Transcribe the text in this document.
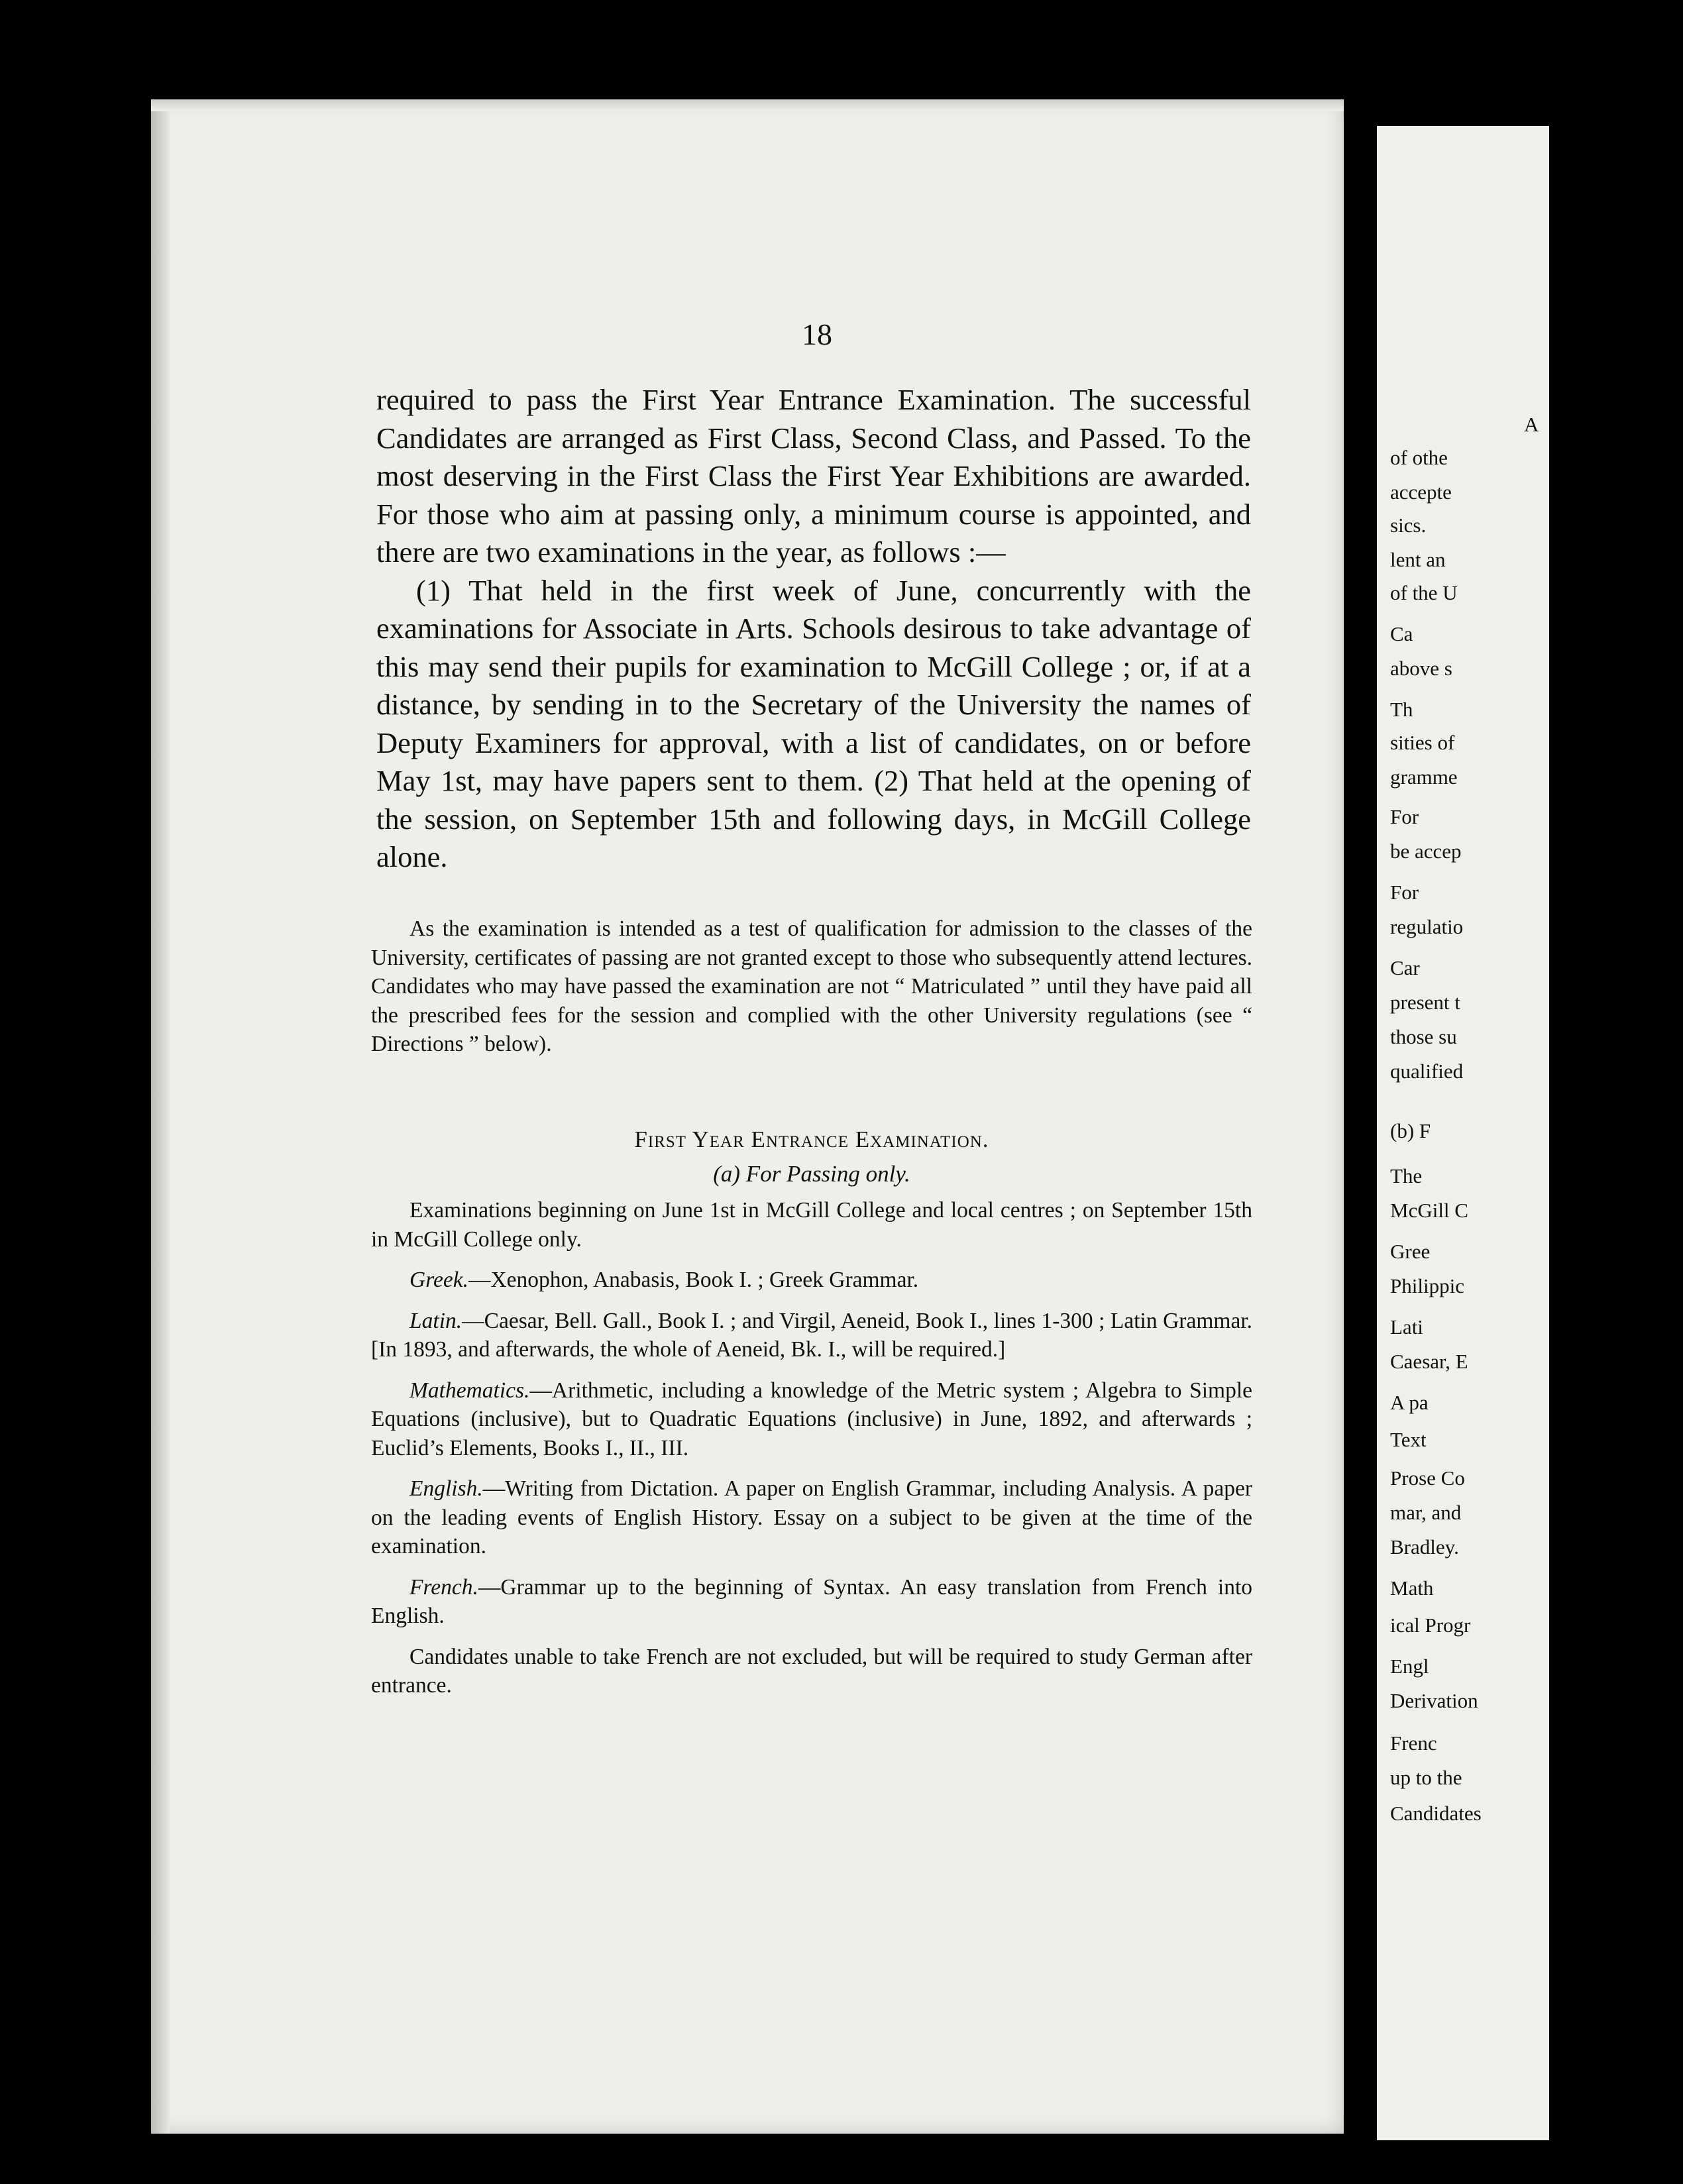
18

required to pass the First Year Entrance Examination. The successful Candidates are arranged as First Class, Second Class, and Passed. To the most deserving in the First Class the First Year Exhibitions are awarded. For those who aim at passing only, a minimum course is appointed, and there are two examinations in the year, as follows :—

(1) That held in the first week of June, concurrently with the examinations for Associate in Arts. Schools desirous to take advantage of this may send their pupils for examination to McGill College ; or, if at a distance, by sending in to the Secretary of the University the names of Deputy Examiners for approval, with a list of candidates, on or before May 1st, may have papers sent to them. (2) That held at the opening of the session, on September 15th and following days, in McGill College alone.

As the examination is intended as a test of qualification for admission to the classes of the University, certificates of passing are not granted except to those who subsequently attend lectures. Candidates who may have passed the examination are not “ Matriculated ” until they have paid all the prescribed fees for the session and complied with the other University regulations (see “ Directions ” below).
First Year Entrance Examination.
(a) For Passing only.

Examinations beginning on June 1st in McGill College and local centres ; on September 15th in McGill College only.

Greek.—Xenophon, Anabasis, Book I. ; Greek Grammar.

Latin.—Caesar, Bell. Gall., Book I. ; and Virgil, Aeneid, Book I., lines 1-300 ; Latin Grammar. [In 1893, and afterwards, the whole of Aeneid, Bk. I., will be required.]

Mathematics.—Arithmetic, including a knowledge of the Metric system ; Algebra to Simple Equations (inclusive), but to Quadratic Equations (inclusive) in June, 1892, and afterwards ; Euclid’s Elements, Books I., II., III.

English.—Writing from Dictation. A paper on English Grammar, including Analysis. A paper on the leading events of English History. Essay on a subject to be given at the time of the examination.

French.—Grammar up to the beginning of Syntax. An easy translation from French into English.

Candidates unable to take French are not excluded, but will be required to study German after entrance.

A
of othe
accepte
sics.
lent an
of the U
Ca
above s
Th
sities of
gramme
For
be accep
For
regulatio
Car
present t
those su
qualified
(b) F
The
McGill C
Gree
Philippic
Lati
Caesar, E
A pa
Text
Prose Co
mar, and
Bradley.
Math
ical Progr
Engl
Derivation
Frenc
up to the
Candidates
